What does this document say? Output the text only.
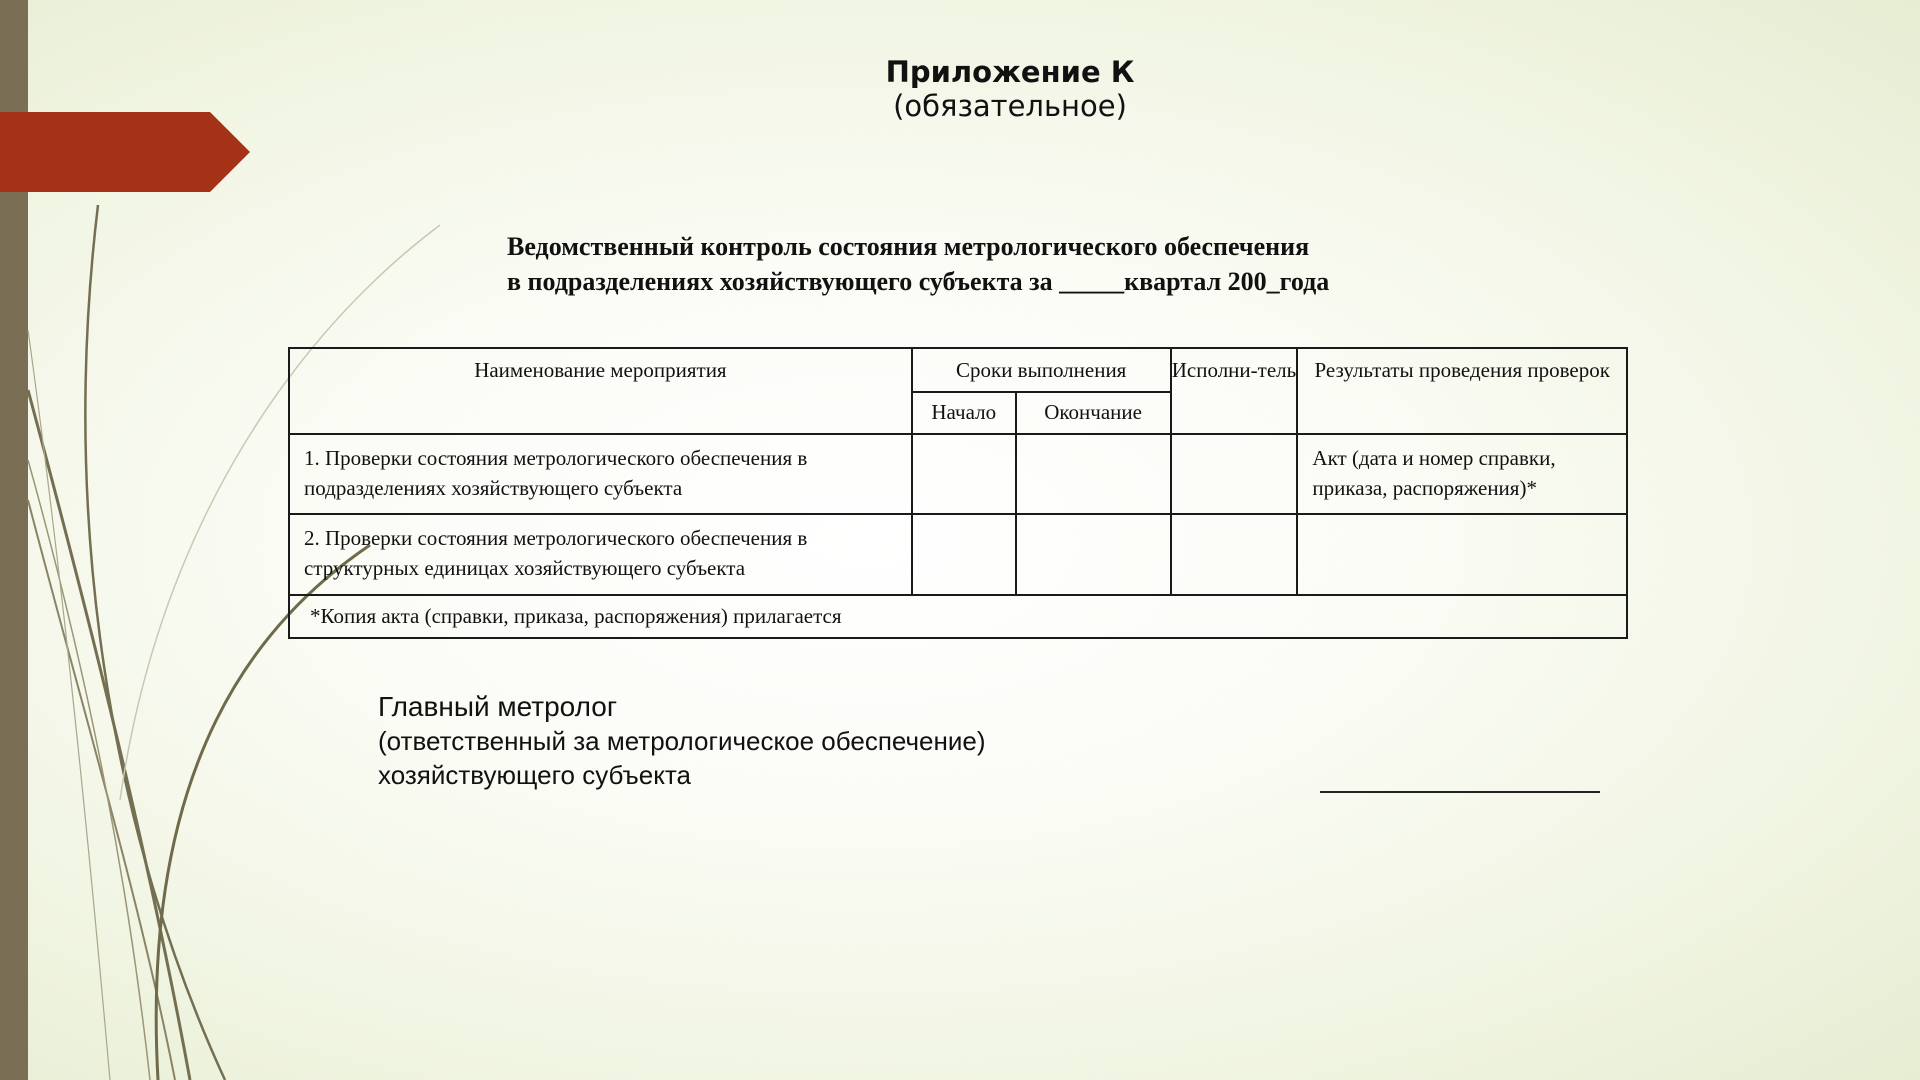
Приложение К
(обязательное)
Ведомственный контроль состояния метрологического обеспечения
в подразделениях хозяйствующего субъекта за _____квартал 200_года
Наименование мероприятия	Сроки выполнения		Исполни-тель	Результаты проведения проверок
	Начало	Окончание		
1. Проверки состояния метрологического обеспечения в подразделениях хозяйствующего субъекта				Акт (дата и номер справки, приказа, распоряжения)*
2. Проверки состояния метрологического обеспечения в структурных единицах хозяйствующего субъекта				
*Копия акта (справки, приказа, распоряжения) прилагается				
Главный метролог
(ответственный за метрологическое обеспечение)
хозяйствующего субъекта
